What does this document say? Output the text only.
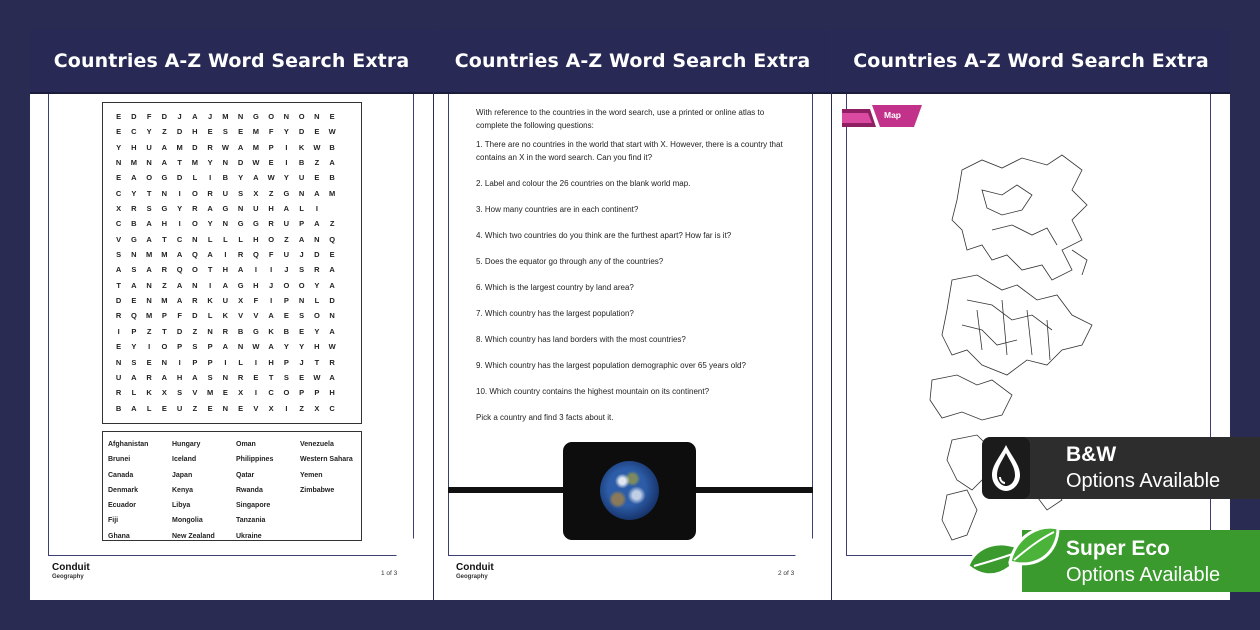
Countries A-Z Word Search Extra
E	D	F	D	J	A	J	M	N	G	O	N	O	N	E
E	C	Y	Z	D	H	E	S	E	M	F	Y	D	E	W
Y	H	U	A	M	D	R	W	A	M	P	I	K	W	B
N	M	N	A	T	M	Y	N	D	W	E	I	B	Z	A
E	A	O	G	D	L	I	B	Y	A	W	Y	U	E	B
C	Y	T	N	I	O	R	U	S	X	Z	G	N	A	M
X	R	S	G	Y	R	A	G	N	U	H	A	L	I
C	B	A	H	I	O	Y	N	G	G	R	U	P	A	Z
V	G	A	T	C	N	L	L	L	H	O	Z	A	N	Q
S	N	M	M	A	Q	A	I	R	Q	F	U	J	D	E
A	S	A	R	Q	O	T	H	A	I	I	J	S	R	A
T	A	N	Z	A	N	I	A	G	H	J	O	O	Y	A
D	E	N	M	A	R	K	U	X	F	I	P	N	L	D
R	Q	M	P	F	D	L	K	V	V	A	E	S	O	N
I	P	Z	T	D	Z	N	R	B	G	K	B	E	Y	A
E	Y	I	O	P	S	P	A	N	W	A	Y	Y	H	W
N	S	E	N	I	P	P	I	L	I	H	P	J	T	R
U	A	R	A	H	A	S	N	R	E	T	S	E	W	A
R	L	K	X	S	V	M	E	X	I	C	O	P	P	H
B	A	L	E	U	Z	E	N	E	V	X	I	Z	X	C
Afghanistan	Hungary	Oman	Venezuela
Brunei	Iceland	Philippines	Western Sahara
Canada	Japan	Qatar	Yemen
Denmark	Kenya	Rwanda	Zimbabwe
Ecuador	Libya	Singapore
Fiji	Mongolia	Tanzania
Ghana	New Zealand	Ukraine
Conduit
Geography	1 of 3
Countries A-Z Word Search Extra

With reference to the countries in the word search, use a printed or online atlas to complete the following questions:

1. There are no countries in the world that start with X. However, there is a country that contains an X in the word search. Can you find it?

2. Label and colour the 26 countries on the blank world map.

3. How many countries are in each continent?

4. Which two countries do you think are the furthest apart? How far is it?

5. Does the equator go through any of the countries?

6. Which is the largest country by land area?

7. Which country has the largest population?

8. Which country has land borders with the most countries?

9. Which country has the largest population demographic over 65 years old?

10. Which country contains the highest mountain on its continent?

Pick a country and find 3 facts about it.

Conduit
Geography	2 of 3
Countries A-Z Word Search Extra
Map
B&W
Options Available
Super Eco
Options Available
